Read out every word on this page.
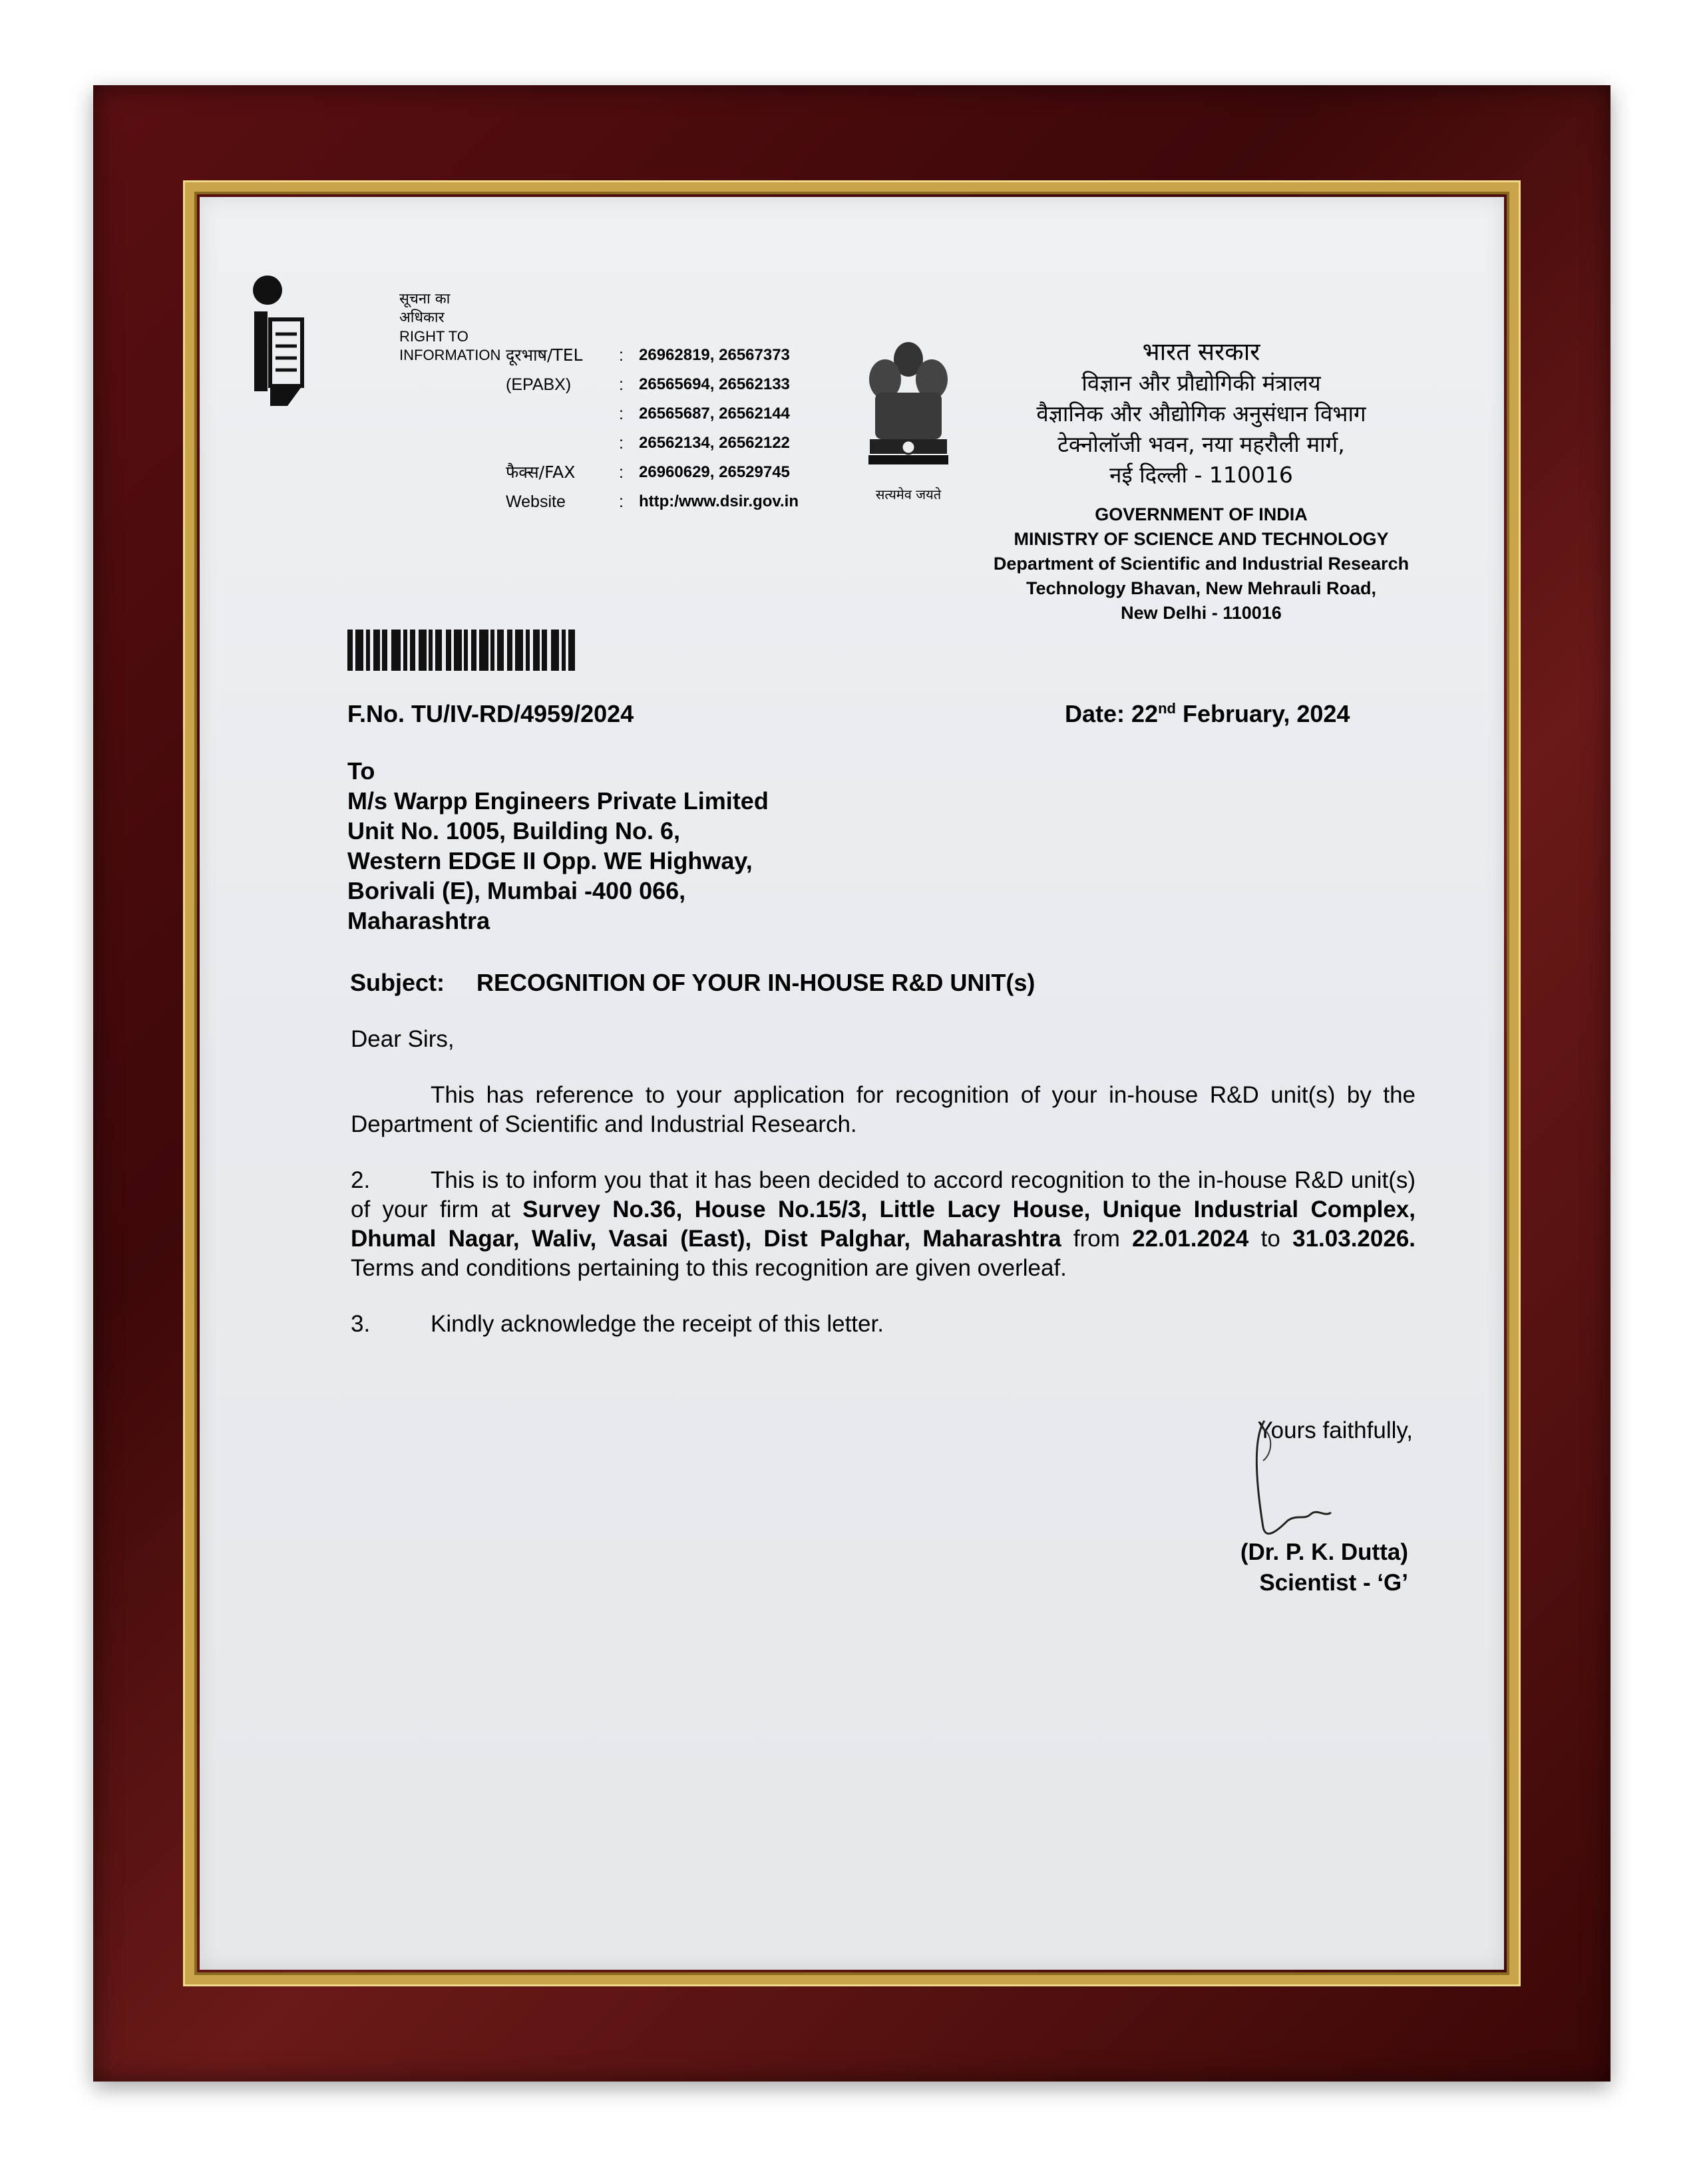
सूचना का अधिकार
RIGHT TO
INFORMATION दूरभाष/TEL	: 26962819, 26567373
(EPABX)	: 26565694, 26562133
: 26565687, 26562144
: 26562134, 26562122
फैक्स/FAX	: 26960629, 26529745
Website	: http:/www.dsir.gov.in	सत्यमेव जयते
भारत सरकार
विज्ञान और प्रौद्योगिकी मंत्रालय
वैज्ञानिक और औद्योगिक अनुसंधान विभाग
टेक्नोलॉजी भवन, नया महरौली मार्ग,
नई दिल्ली - 110016
GOVERNMENT OF INDIA
MINISTRY OF SCIENCE AND TECHNOLOGY
Department of Scientific and Industrial Research
Technology Bhavan, New Mehrauli Road,
New Delhi - 110016
F.No. TU/IV-RD/4959/2024	Date: 22nd February, 2024
To
M/s Warpp Engineers Private Limited
Unit No. 1005, Building No. 6,
Western EDGE II Opp. WE Highway,
Borivali (E), Mumbai -400 066,
Maharashtra
Subject: RECOGNITION OF YOUR IN-HOUSE R&D UNIT(s)

Dear Sirs,

This has reference to your application for recognition of your in-house R&D unit(s) by the Department of Scientific and Industrial Research.

2.	This is to inform you that it has been decided to accord recognition to the in-house R&D unit(s) of your firm at Survey No.36, House No.15/3, Little Lacy House, Unique Industrial Complex, Dhumal Nagar, Waliv, Vasai (East), Dist Palghar, Maharashtra from 22.01.2024 to 31.03.2026. Terms and conditions pertaining to this recognition are given overleaf.

3.	Kindly acknowledge the receipt of this letter.

Yours faithfully,
(Dr. P. K. Dutta)
Scientist - ‘G’
